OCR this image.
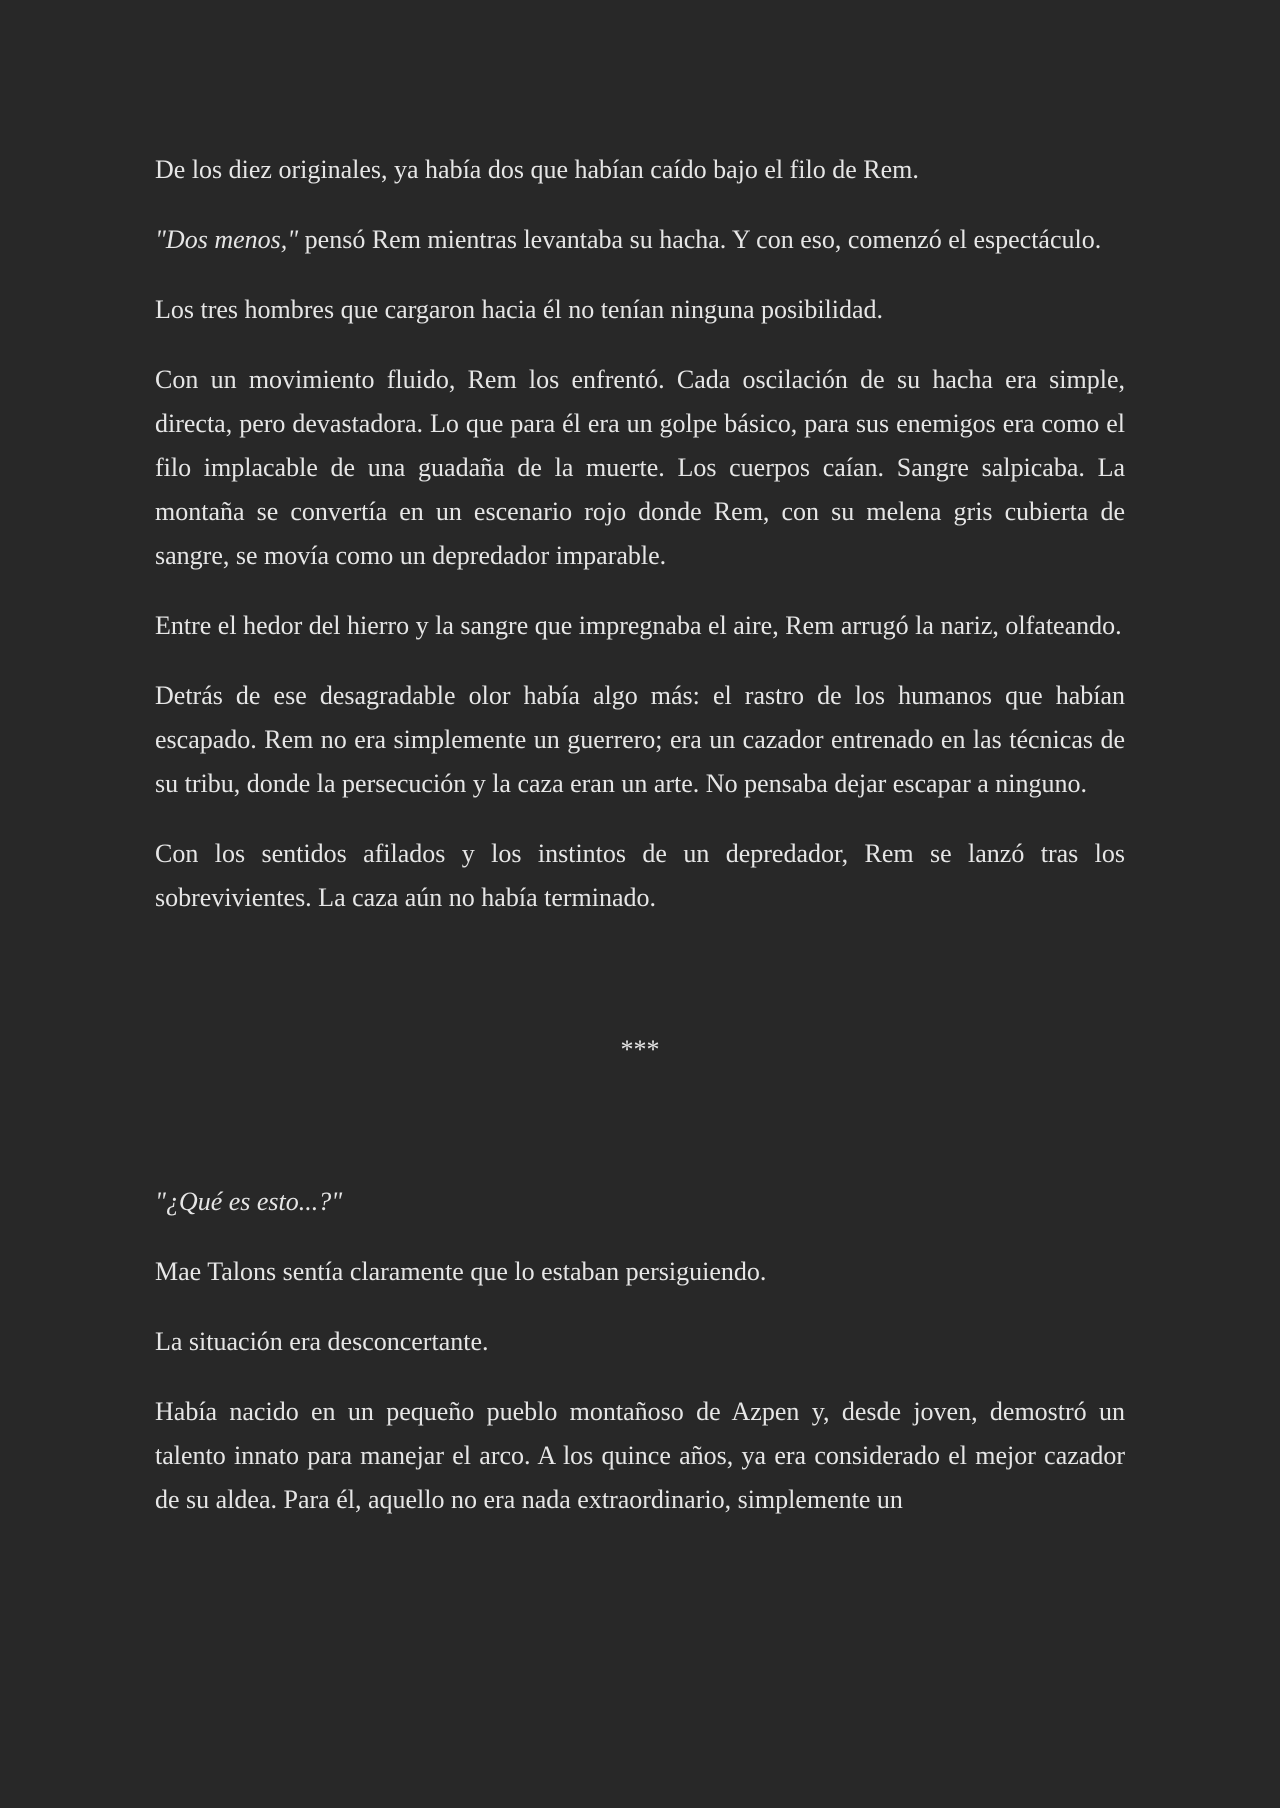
De los diez originales, ya había dos que habían caído bajo el filo de Rem.

"Dos menos," pensó Rem mientras levantaba su hacha. Y con eso, comenzó el espectáculo.

Los tres hombres que cargaron hacia él no tenían ninguna posibilidad.

Con un movimiento fluido, Rem los enfrentó. Cada oscilación de su hacha era simple, directa, pero devastadora. Lo que para él era un golpe básico, para sus enemigos era como el filo implacable de una guadaña de la muerte. Los cuerpos caían. Sangre salpicaba. La montaña se convertía en un escenario rojo donde Rem, con su melena gris cubierta de sangre, se movía como un depredador imparable.

Entre el hedor del hierro y la sangre que impregnaba el aire, Rem arrugó la nariz, olfateando.

Detrás de ese desagradable olor había algo más: el rastro de los humanos que habían escapado. Rem no era simplemente un guerrero; era un cazador entrenado en las técnicas de su tribu, donde la persecución y la caza eran un arte. No pensaba dejar escapar a ninguno.

Con los sentidos afilados y los instintos de un depredador, Rem se lanzó tras los sobrevivientes. La caza aún no había terminado.

***

"¿Qué es esto...?"

Mae Talons sentía claramente que lo estaban persiguiendo.

La situación era desconcertante.

Había nacido en un pequeño pueblo montañoso de Azpen y, desde joven, demostró un talento innato para manejar el arco. A los quince años, ya era considerado el mejor cazador de su aldea. Para él, aquello no era nada extraordinario, simplemente un
